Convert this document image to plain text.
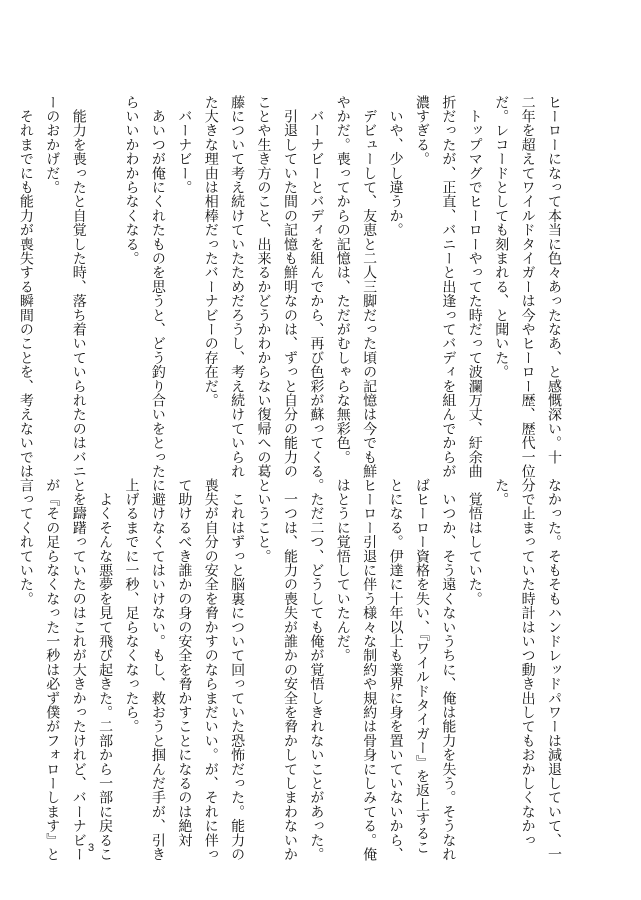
ヒーローになって本当に色々あったなあ、と感慨深い。十
二年を超えてワイルドタイガーは今やヒーロー歴、歴代一位
だ。レコードとしても刻まれる、と聞いた。
　トップマグでヒーローやってた時だって波瀾万丈、紆余曲
折だったが、正直、バニーと出逢ってバディを組んでからが
濃すぎる。
　いや、少し違うか。
　デビューして、友恵と二人三脚だった頃の記憶は今でも鮮
やかだ。喪ってからの記憶は、ただがむしゃらな無彩色。
　バーナビーとバディを組んでから、再び色彩が蘇ってくる。
　引退していた間の記憶も鮮明なのは、ずっと自分の能力の
ことや生き方のこと、出来るかどうかわからない復帰への葛
藤について考え続けていたためだろうし、考え続けていられ
た大きな理由は相棒だったバーナビーの存在だ。
　バーナビー。
　あいつが俺にくれたものを思うと、どう釣り合いをとった
らいいかわからなくなる。

　能力を喪ったと自覚した時、落ち着いていられたのはバニ
ーのおかげだ。
　それまでにも能力が喪失する瞬間のことを、考えないでは
なかった。そもそもハンドレッドパワーは減退していて、一
分で止まっていた時計はいつ動き出してもおかしくなかっ
た。
　覚悟はしていた。
　いつか、そう遠くないうちに、俺は能力を失う。そうなれ
ばヒーロー資格を失い、『ワイルドタイガー』を返上するこ
とになる。伊達に十年以上も業界に身を置いていないから、
ヒーロー引退に伴う様々な制約や規約は骨身にしみてる。俺
はとうに覚悟していたんだ。
　ただ二つ、どうしても俺が覚悟しきれないことがあった。
　一つは、能力の喪失が誰かの安全を脅かしてしまわないか
ということ。
　これはずっと脳裏について回っていた恐怖だった。能力の
喪失が自分の安全を脅かすのならまだいい。が、それに伴っ
て助けるべき誰かの身の安全を脅かすことになるのは絶対
に避けなくてはいけない。もし、救おうと掴んだ手が、引き
上げるまでに一秒、足らなくなったら。
　よくそんな悪夢を見て飛び起きた。二部から一部に戻るこ
とを躊躇っていたのはこれが大きかったけれど、バーナビー
が『その足らなくなった一秒は必ず僕がフォローします』と
言ってくれていた。
3
